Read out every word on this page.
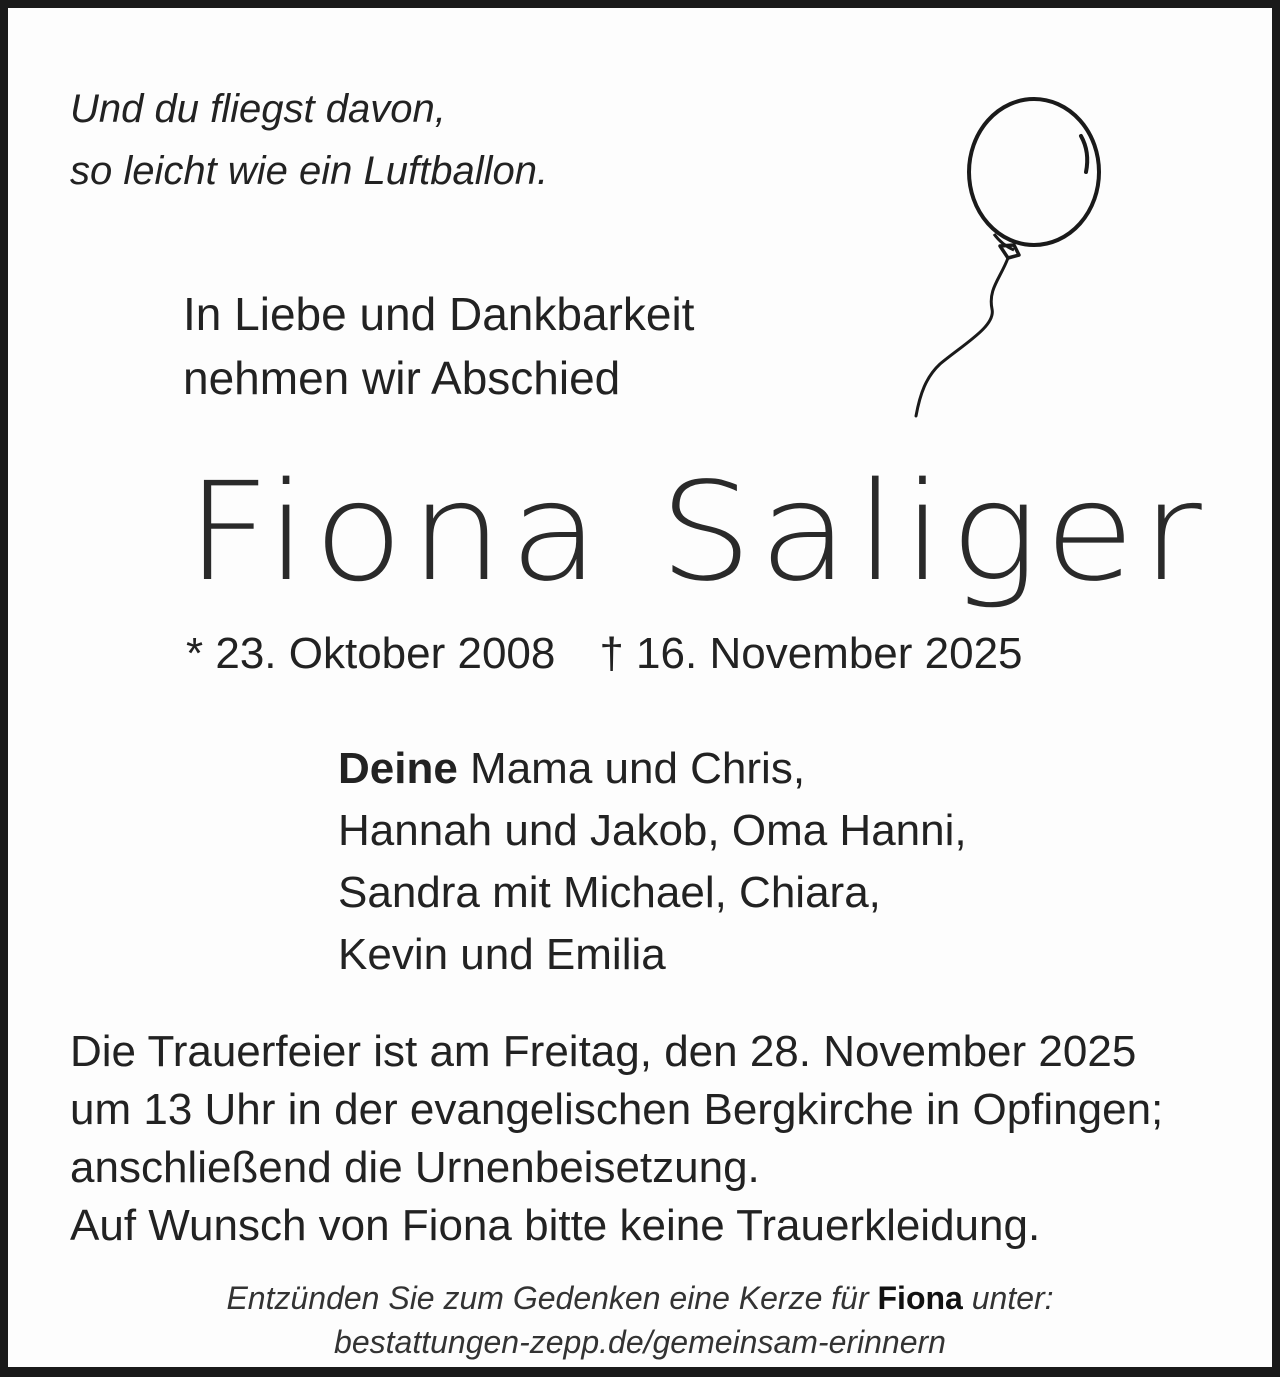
Und du fliegst davon,
so leicht wie ein Luftballon.
In Liebe und Dankbarkeit
nehmen wir Abschied
Fiona Saliger
* 23. Oktober 2008 † 16. November 2025
Deine Mama und Chris,
Hannah und Jakob, Oma Hanni,
Sandra mit Michael, Chiara,
Kevin und Emilia
Die Trauerfeier ist am Freitag, den 28. November 2025
um 13 Uhr in der evangelischen Bergkirche in Opfingen;
anschließend die Urnenbeisetzung.
Auf Wunsch von Fiona bitte keine Trauerkleidung.
Entzünden Sie zum Gedenken eine Kerze für Fiona unter:
bestattungen-zepp.de/gemeinsam-erinnern
